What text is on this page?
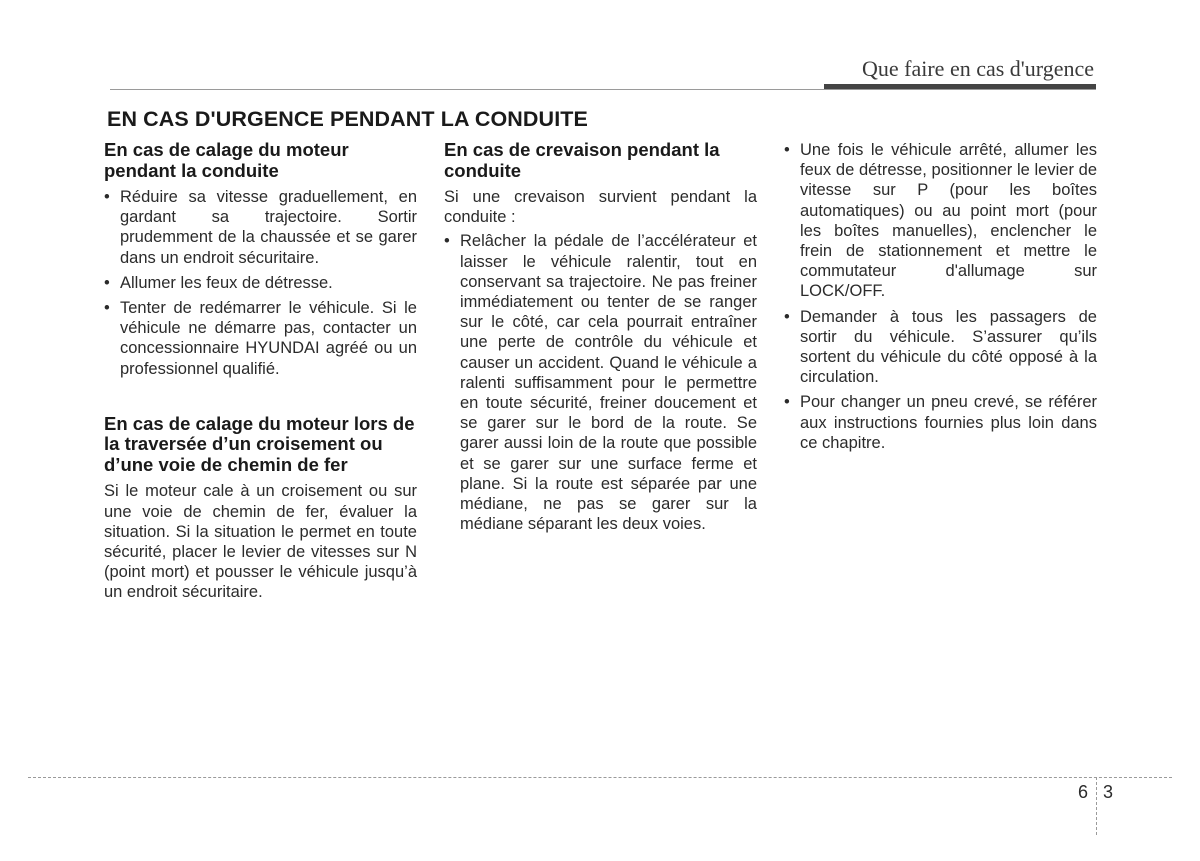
Que faire en cas d'urgence
EN CAS D'URGENCE PENDANT LA CONDUITE
En cas de calage du moteur pendant la conduite
• Réduire sa vitesse graduellement, en gardant sa trajectoire. Sortir prudemment de la chaussée et se garer dans un endroit sécuritaire.
• Allumer les feux de détresse.
• Tenter de redémarrer le véhicule. Si le véhicule ne démarre pas, contacter un concessionnaire HYUNDAI agréé ou un professionnel qualifié.
En cas de calage du moteur lors de la traversée d’un croisement ou d’une voie de chemin de fer

Si le moteur cale à un croisement ou sur une voie de chemin de fer, évaluer la situation. Si la situation le permet en toute sécurité, placer le levier de vitesses sur N (point mort) et pousser le véhicule jusqu’à un endroit sécuritaire.

En cas de crevaison pendant la conduite

Si une crevaison survient pendant la conduite :

• Relâcher la pédale de l’accélérateur et laisser le véhicule ralentir, tout en conservant sa trajectoire. Ne pas freiner immédiatement ou tenter de se ranger sur le côté, car cela pourrait entraîner une perte de contrôle du véhicule et causer un accident. Quand le véhicule a ralenti suffisamment pour le permettre en toute sécurité, freiner doucement et se garer sur le bord de la route. Se garer aussi loin de la route que possible et se garer sur une surface ferme et plane. Si la route est séparée par une médiane, ne pas se garer sur la médiane séparant les deux voies.
• Une fois le véhicule arrêté, allumer les feux de détresse, positionner le levier de vitesse sur P (pour les boîtes automatiques) ou au point mort (pour les boîtes manuelles), enclencher le frein de stationnement et mettre le commutateur d'allumage sur LOCK/OFF.
• Demander à tous les passagers de sortir du véhicule. S’assurer qu’ils sortent du véhicule du côté opposé à la circulation.
• Pour changer un pneu crevé, se référer aux instructions fournies plus loin dans ce chapitre.
6 3
